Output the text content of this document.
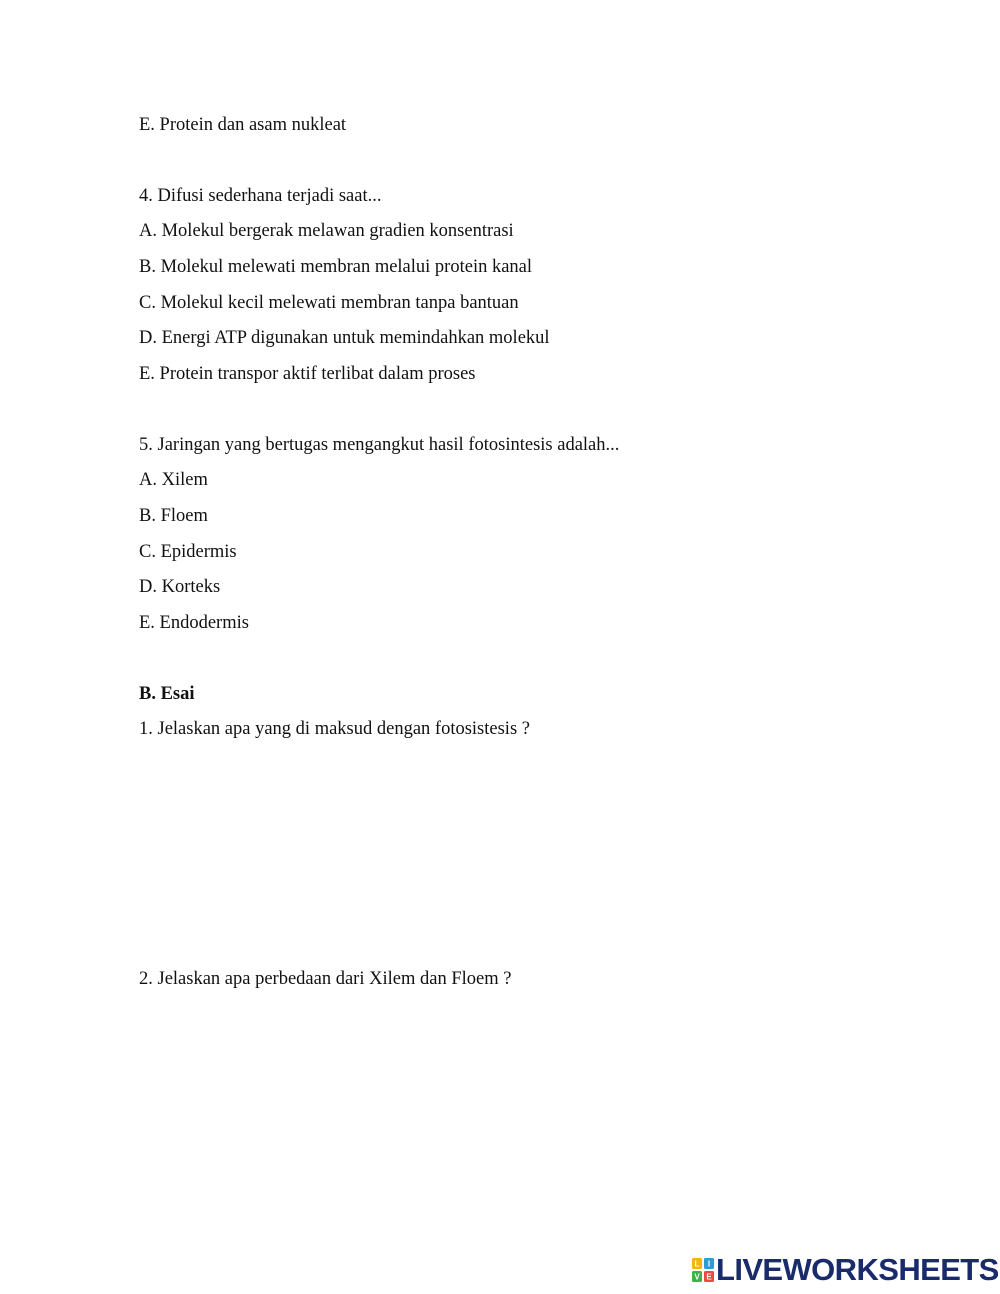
E. Protein dan asam nukleat
4. Difusi sederhana terjadi saat...
A. Molekul bergerak melawan gradien konsentrasi
B. Molekul melewati membran melalui protein kanal
C. Molekul kecil melewati membran tanpa bantuan
D. Energi ATP digunakan untuk memindahkan molekul
E. Protein transpor aktif terlibat dalam proses
5. Jaringan yang bertugas mengangkut hasil fotosintesis adalah...
A. Xilem
B. Floem
C. Epidermis
D. Korteks
E. Endodermis
B. Esai
1. Jelaskan apa yang di maksud dengan fotosistesis ?
2. Jelaskan apa perbedaan dari Xilem dan Floem ?
L I
V E LIVEWORKSHEETS
